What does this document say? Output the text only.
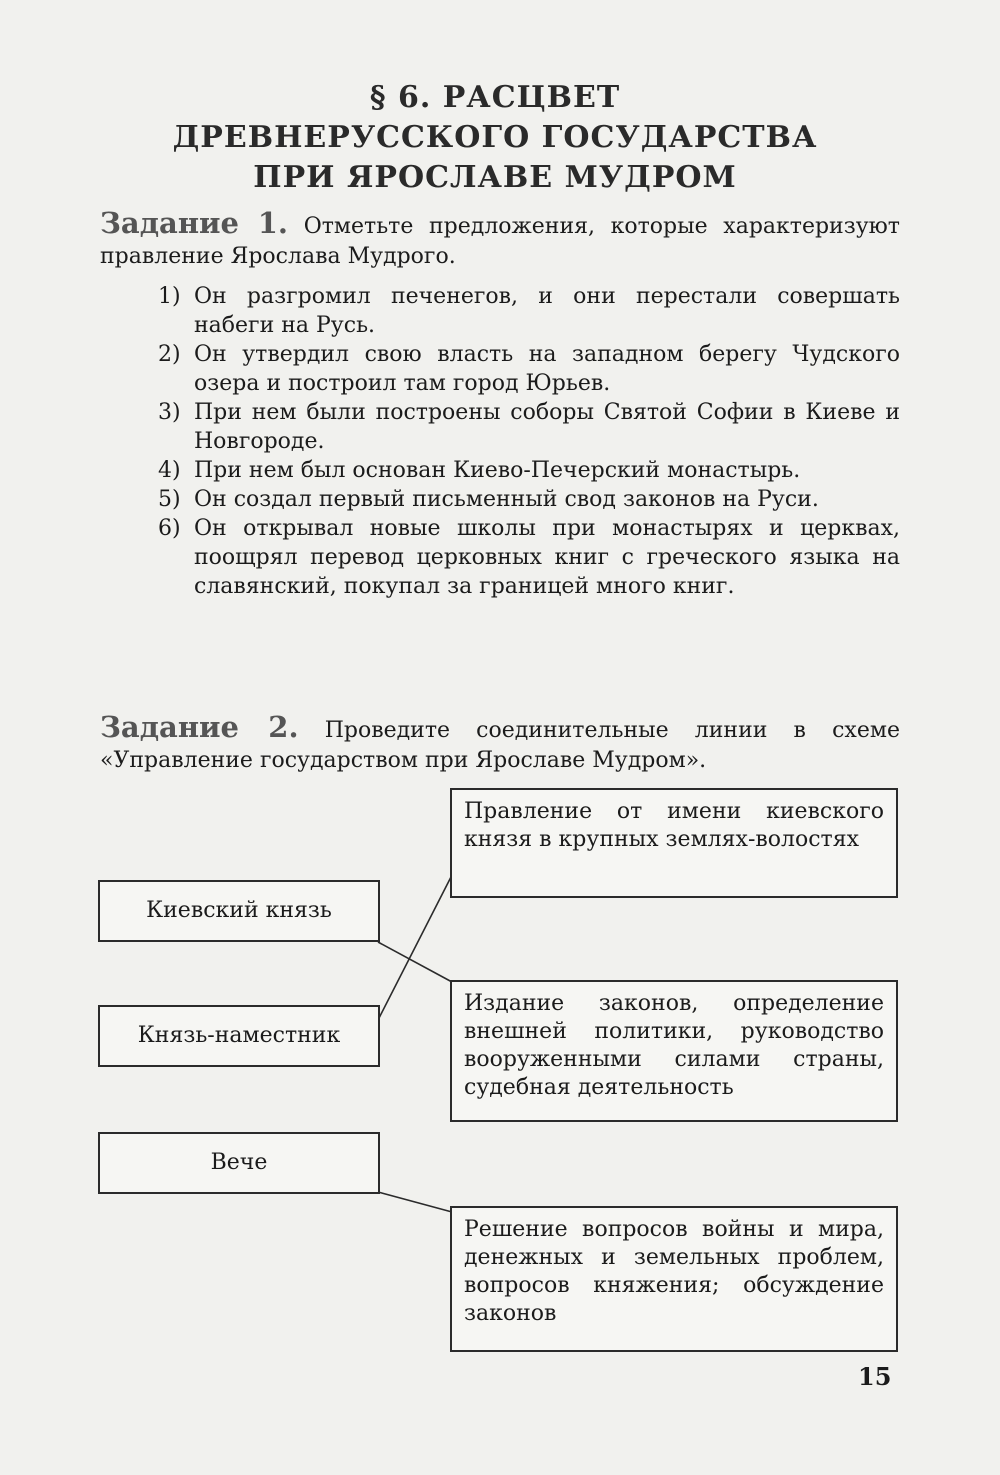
§ 6. РАСЦВЕТ
ДРЕВНЕРУССКОГО ГОСУДАРСТВА
ПРИ ЯРОСЛАВЕ МУДРОМ
Задание 1. Отметьте предложения, которые характеризуют правление Ярослава Мудрого.
1) Он разгромил печенегов, и они перестали совершать набеги на Русь.
2) Он утвердил свою власть на западном берегу Чудского озера и построил там город Юрьев.
3) При нем были построены соборы Святой Софии в Киеве и Новгороде.
4) При нем был основан Киево-Печерский монастырь.
5) Он создал первый письменный свод законов на Руси.
6) Он открывал новые школы при монастырях и церквах, поощрял перевод церковных книг с греческого языка на славянский, покупал за границей много книг.
Задание 2. Проведите соединительные линии в схеме «Управление государством при Ярославе Мудром».
Киевский князь
Князь-наместник
Вече
Правление от имени киевского князя в крупных землях-волостях
Издание законов, определение внешней политики, руководство вооруженными силами страны, судебная деятельность
Решение вопросов войны и мира, денежных и земельных проблем, вопросов княжения; обсуждение законов
15
